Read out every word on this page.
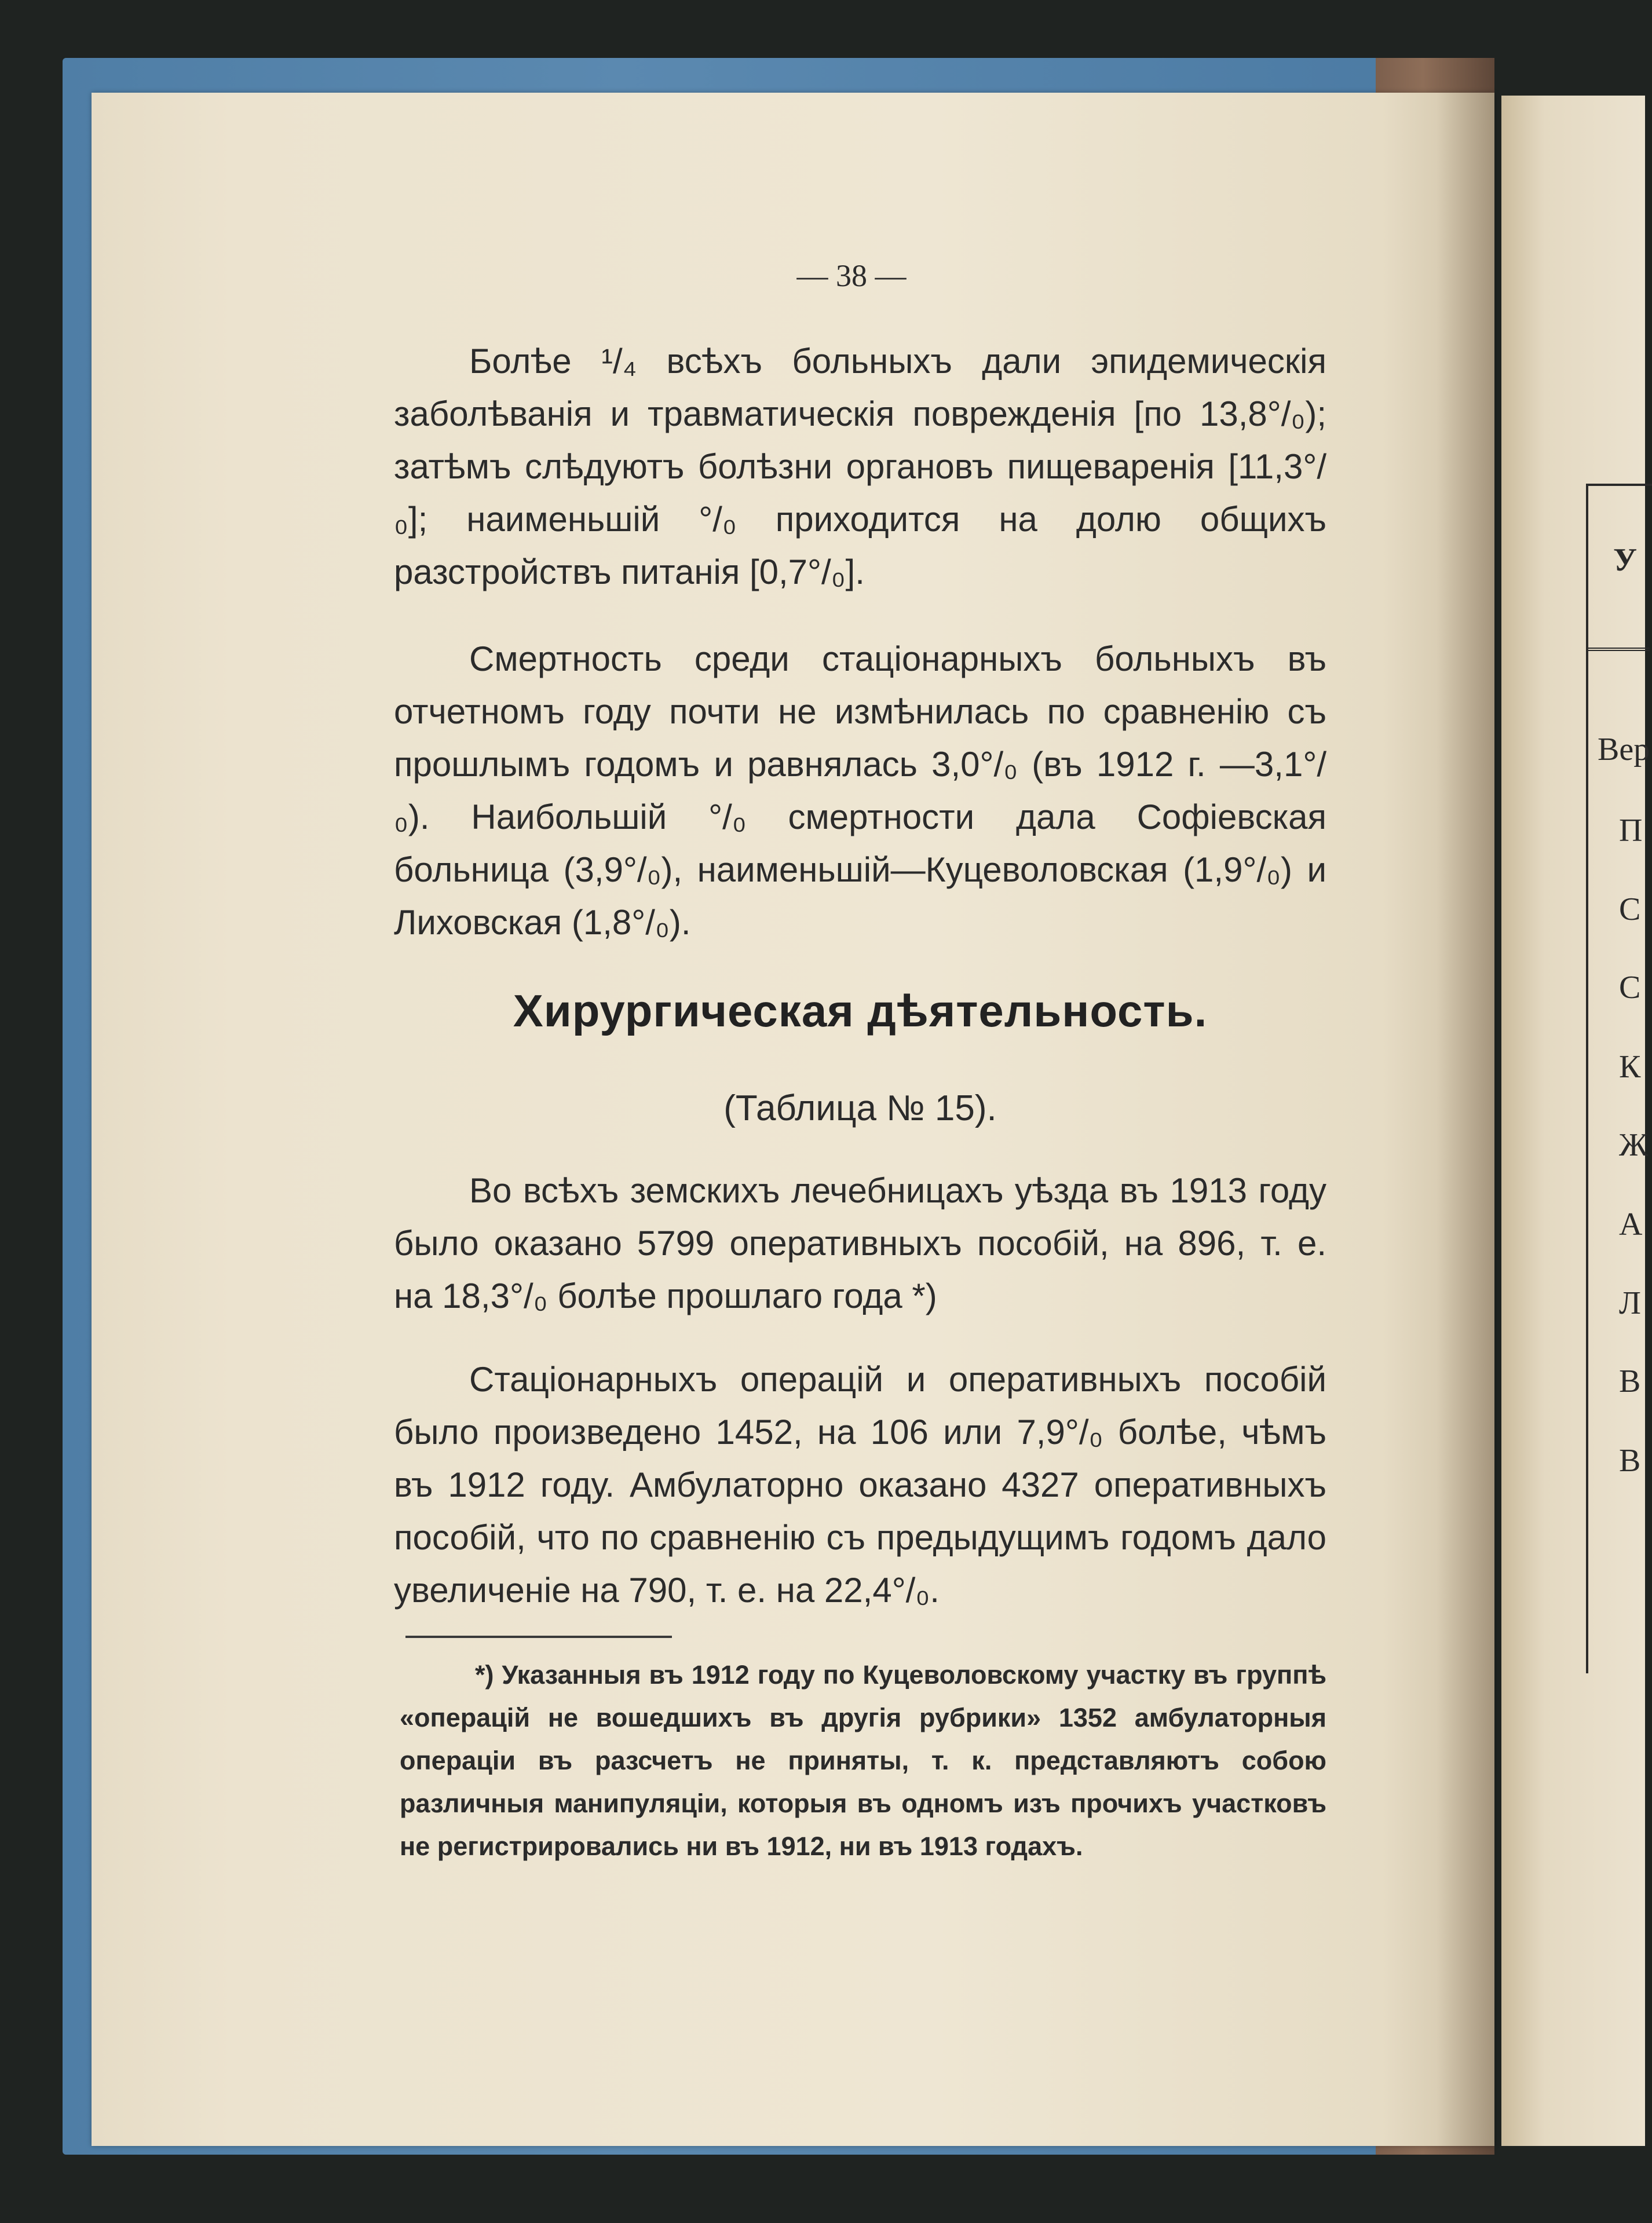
У
Вер
П
С
С
К
Ж
А
Л
В
В
— 38 —

Болѣе ¹/₄ всѣхъ больныхъ дали эпидемическія заболѣванія и травматическія поврежденія [по 13,8°/₀); затѣмъ слѣдуютъ болѣзни органовъ пищеваренія [11,3°/₀]; наименьшій °/₀ приходится на долю общихъ разстройствъ питанія [0,7°/₀].

Смертность среди стаціонарныхъ больныхъ въ отчетномъ году почти не измѣнилась по сравненію съ прошлымъ годомъ и равнялась 3,0°/₀ (въ 1912 г. —3,1°/₀). Наибольшій °/₀ смертности дала Софіевская больница (3,9°/₀), наименьшій—Куцеволовская (1,9°/₀) и Лиховская (1,8°/₀).

Хирургическая дѣятельность.
(Таблица № 15).

Во всѣхъ земскихъ лечебницахъ уѣзда въ 1913 году было оказано 5799 оперативныхъ пособій, на 896, т. е. на 18,3°/₀ болѣе прошлаго года *)

Стаціонарныхъ операцій и оперативныхъ пособій было произведено 1452, на 106 или 7,9°/₀ болѣе, чѣмъ въ 1912 году. Амбулаторно оказано 4327 оперативныхъ пособій, что по сравненію съ предыдущимъ годомъ дало увеличеніе на 790, т. е. на 22,4°/₀.

*) Указанныя въ 1912 году по Куцеволовскому участку въ группѣ «операцій не вошедшихъ въ другія рубрики» 1352 амбулаторныя операціи въ разсчетъ не приняты, т. к. представляютъ собою различныя манипуляціи, которыя въ одномъ изъ прочихъ участковъ не регистрировались ни въ 1912, ни въ 1913 годахъ.
